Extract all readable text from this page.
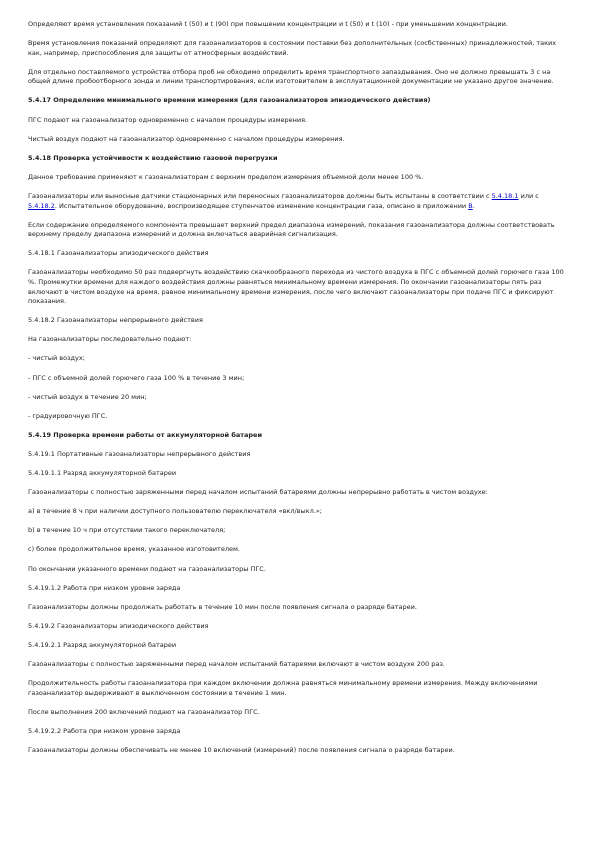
Определяют время установления показаний t (50) и t (90) при повышении концентрации и t (50) и t (10) - при уменьшении концентрации.

Время установления показаний определяют для газоанализаторов в состоянии поставки без дополнительных (сосбственных) принадлежностей, таких как, например, приспособления для защиты от атмосферных воздействий.

Для отдельно поставляемого устройства отбора проб не обходимо определить время транспортного запаздывания. Оно не должно превышать 3 с на общей длине пробоотборного зонда и линии транспортирования, если изготовителем в эксплуатационной документации не указано другое значение.

5.4.17 Определение минимального времени измерения (для газоанализаторов эпизодического действия)

ПГС подают на газоанализатор одновременно с началом процедуры измерения.

Чистый воздух подают на газоанализатор одновременно с началом процедуры измерения.

5.4.18 Проверка устойчивости к воздействию газовой перегрузки

Данное требование применяют к газоанализаторам с верхним пределом измерения объемной доли менее 100 %.

Газоанализаторы или выносные датчики стационарных или переносных газоанализаторов должны быть испытаны в соответствии с 5.4.18.1 или с 5.4.18.2. Испытательное оборудование, воспроизводящее ступенчатое изменение концентрации газа, описано в приложении В.

Если содержание определяемого компонента превышает верхний предел диапазона измерений, показания газоанализатора должны соответствовать верхнему пределу диапазона измерений и должна включаться аварийная сигнализация.

5.4.18.1 Газоанализаторы эпизодического действия

Газоанализаторы необходимо 50 раз подвергнуть воздействию скачкообразного перехода из чистого воздуха в ПГС с объемной долей горючего газа 100 %. Промежутки времени для каждого воздействия должны равняться минимальному времени измерения. По окончании газоанализаторы пять раз включают в чистом воздухе на время, равное минимальному времени измерения, после чего включают газоанализаторы при подаче ПГС и фиксируют показания.

5.4.18.2 Газоанализаторы непрерывного действия

На газоанализаторы последовательно подают:

- чистый воздух;

- ПГС с объемной долей горючего газа 100 % в течение 3 мин;

- чистый воздух в течение 20 мин;

- градуировочную ПГС.

5.4.19 Проверка времени работы от аккумуляторной батареи

5.4.19.1 Портативные газоанализаторы непрерывного действия

5.4.19.1.1 Разряд аккумуляторной батареи

Газоанализаторы с полностью заряженными перед началом испытаний батареями должны непрерывно работать в чистом воздухе:

а) в течение 8 ч при наличии доступного пользователю переключателя «вкл/выкл.»;

b) в течение 10 ч при отсутствии такого переключателя;

с) более продолжительное время, указанное изготовителем.

По окончании указанного времени подают на газоанализаторы ПГС.

5.4.19.1.2 Работа при низком уровне заряда

Газоанализаторы должны продолжать работать в течение 10 мин после появления сигнала о разряде батареи.

5.4.19.2 Газоанализаторы эпизодического действия

5.4.19.2.1 Разряд аккумуляторной батареи

Газоанализаторы с полностью заряженными перед началом испытаний батареями включают в чистом воздухе 200 раз.

Продолжительность работы газоанализатора при каждом включении должна равняться минимальному времени измерения. Между включениями газоанализатор выдерживают в выключенном состоянии в течение 1 мин.

После выполнения 200 включений подают на газоанализатор ПГС.

5.4.19.2.2 Работа при низком уровне заряда

Газоанализаторы должны обеспечивать не менее 10 включений (измерений) после появления сигнала о разряде батареи.
